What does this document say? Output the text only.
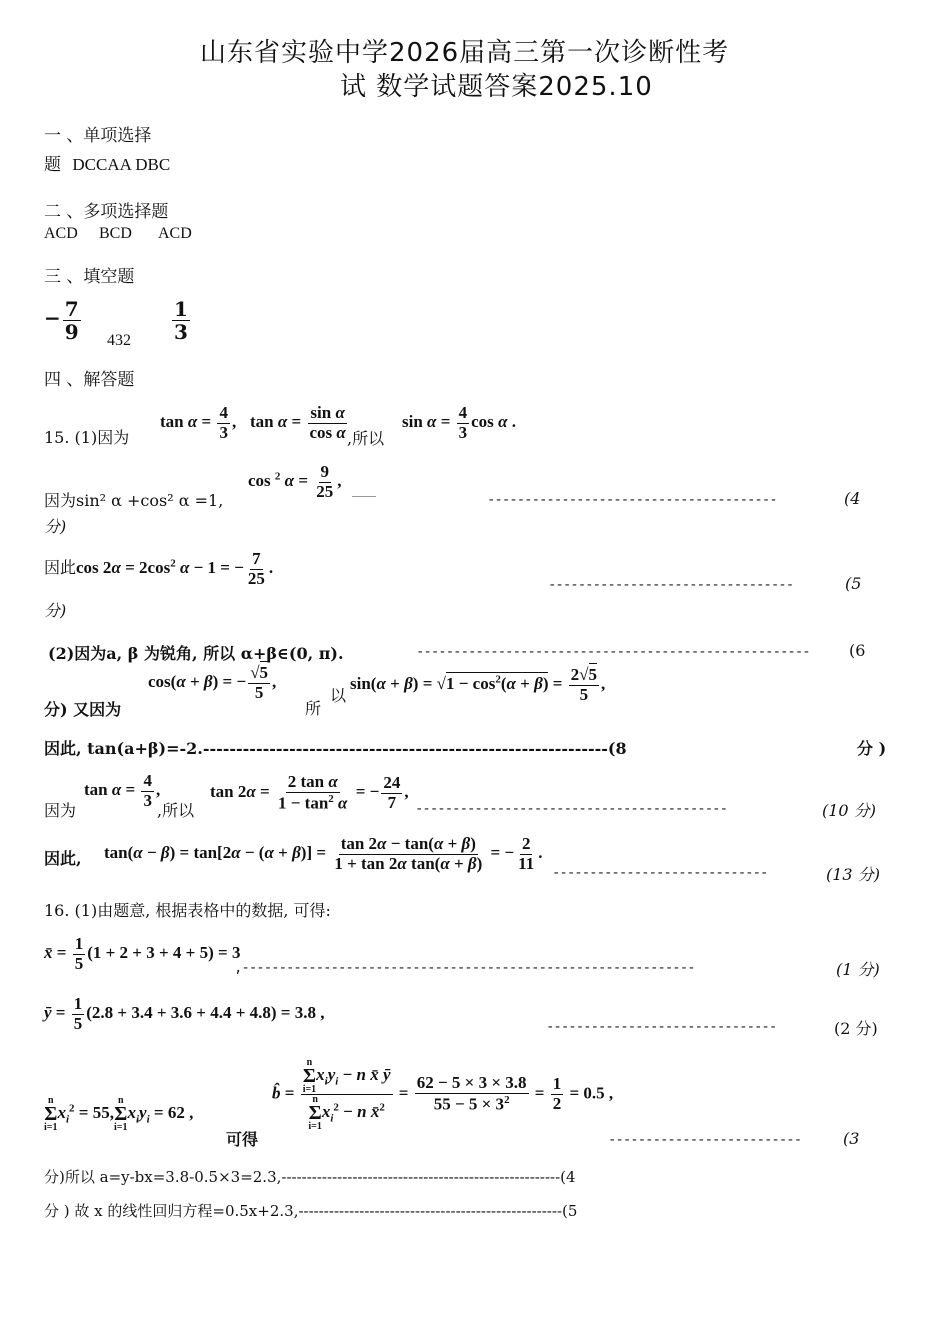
山东省实验中学2026届高三第一次诊断性考
试 数学试题答案2025.10
一 、单项选择
题 DCCAA DBC
二 、多项选择题
ACD BCD ACD
三 、填空题
− $\frac{7}{9} 432 \frac{1}{3}$
四 、解答题
15. (1)因为
$\tan \alpha = \frac{4}{3}$ , $\tan \alpha = \frac{\text{sin α}}{\text{cos α}}$ ,所以
$\sin \alpha = \frac{4}{3}$ cos α .
因为sin² α +cos² α =1,
cos $^2$ $\alpha = \frac{9}{25}$ ,
---------------------------------------	(4
分)
因此$\cos 2\alpha = 2\cos^2$ α − 1 = − $\frac{7}{25}$ .
---------------------------------	(5
分)
(2)因为a, β 为锐角, 所以 α+β∈(0, π).	----------------------------------------------------- (6
分) 又因为
cos(α + β) = − $\frac{√5}{5}$ ,
所
以
$\sin(\alpha + \beta) = √1 - \cos^2(\alpha + \beta) = \frac{2√5}{5}$ ,
因此, tan(a+β)=-2.-------------------------------------------------------------(8	分 )
因为
$\tan \alpha = \frac{4}{3}$ ,
,所以
$\tan 2\alpha = \frac{\text{2 tan α}}{1 - \tan^2 \alpha}$ = − $\frac{24}{7}$ ,
------------------------------------------	(10 分)
因此, $\tan(\alpha - \beta) = \tan[2\alpha - (\alpha + \beta)] = \frac{\tan 2\alpha - \tan(\alpha + \beta)}{\text{1 + tan 2α tan(α + β)}}$ = − $\frac{2}{11}$ .
-----------------------------	(13 分)
16. (1)由题意, 根据表格中的数据, 可得:
x̄ = $\frac{1}{5} (1 + 2 + 3 + 4 + 5) = 3$
,-------------------------------------------------------------	(1 分)
ȳ = $\frac{1}{5} (2.8 + 3.4 + 3.6 + 4.4 + 4.8) = 3.8$ ,
-------------------------------	(2 分)
n
Σ
i=1
$x_i^2 = 55$,
n
Σ
i=1
$x_iy_i = 62$ ,
可得
b̂ = n
Σ
i=1
$x_iy_i - n$ x̄ ȳ
n
Σ
i=1
$x_i^2 - n$ x̄$^2$ = $\frac{62 - 5 \times 3 \times 3.8}{55 - 5 \times 3^2} = \frac{1}{2} = 0.5$ ,
--------------------------	(3
分)所以 a=y-bx=3.8-0.5×3=2.3,-------------------------------------------------------(4
分 ) 故 x 的线性回归方程=0.5x+2.3,----------------------------------------------------(5
